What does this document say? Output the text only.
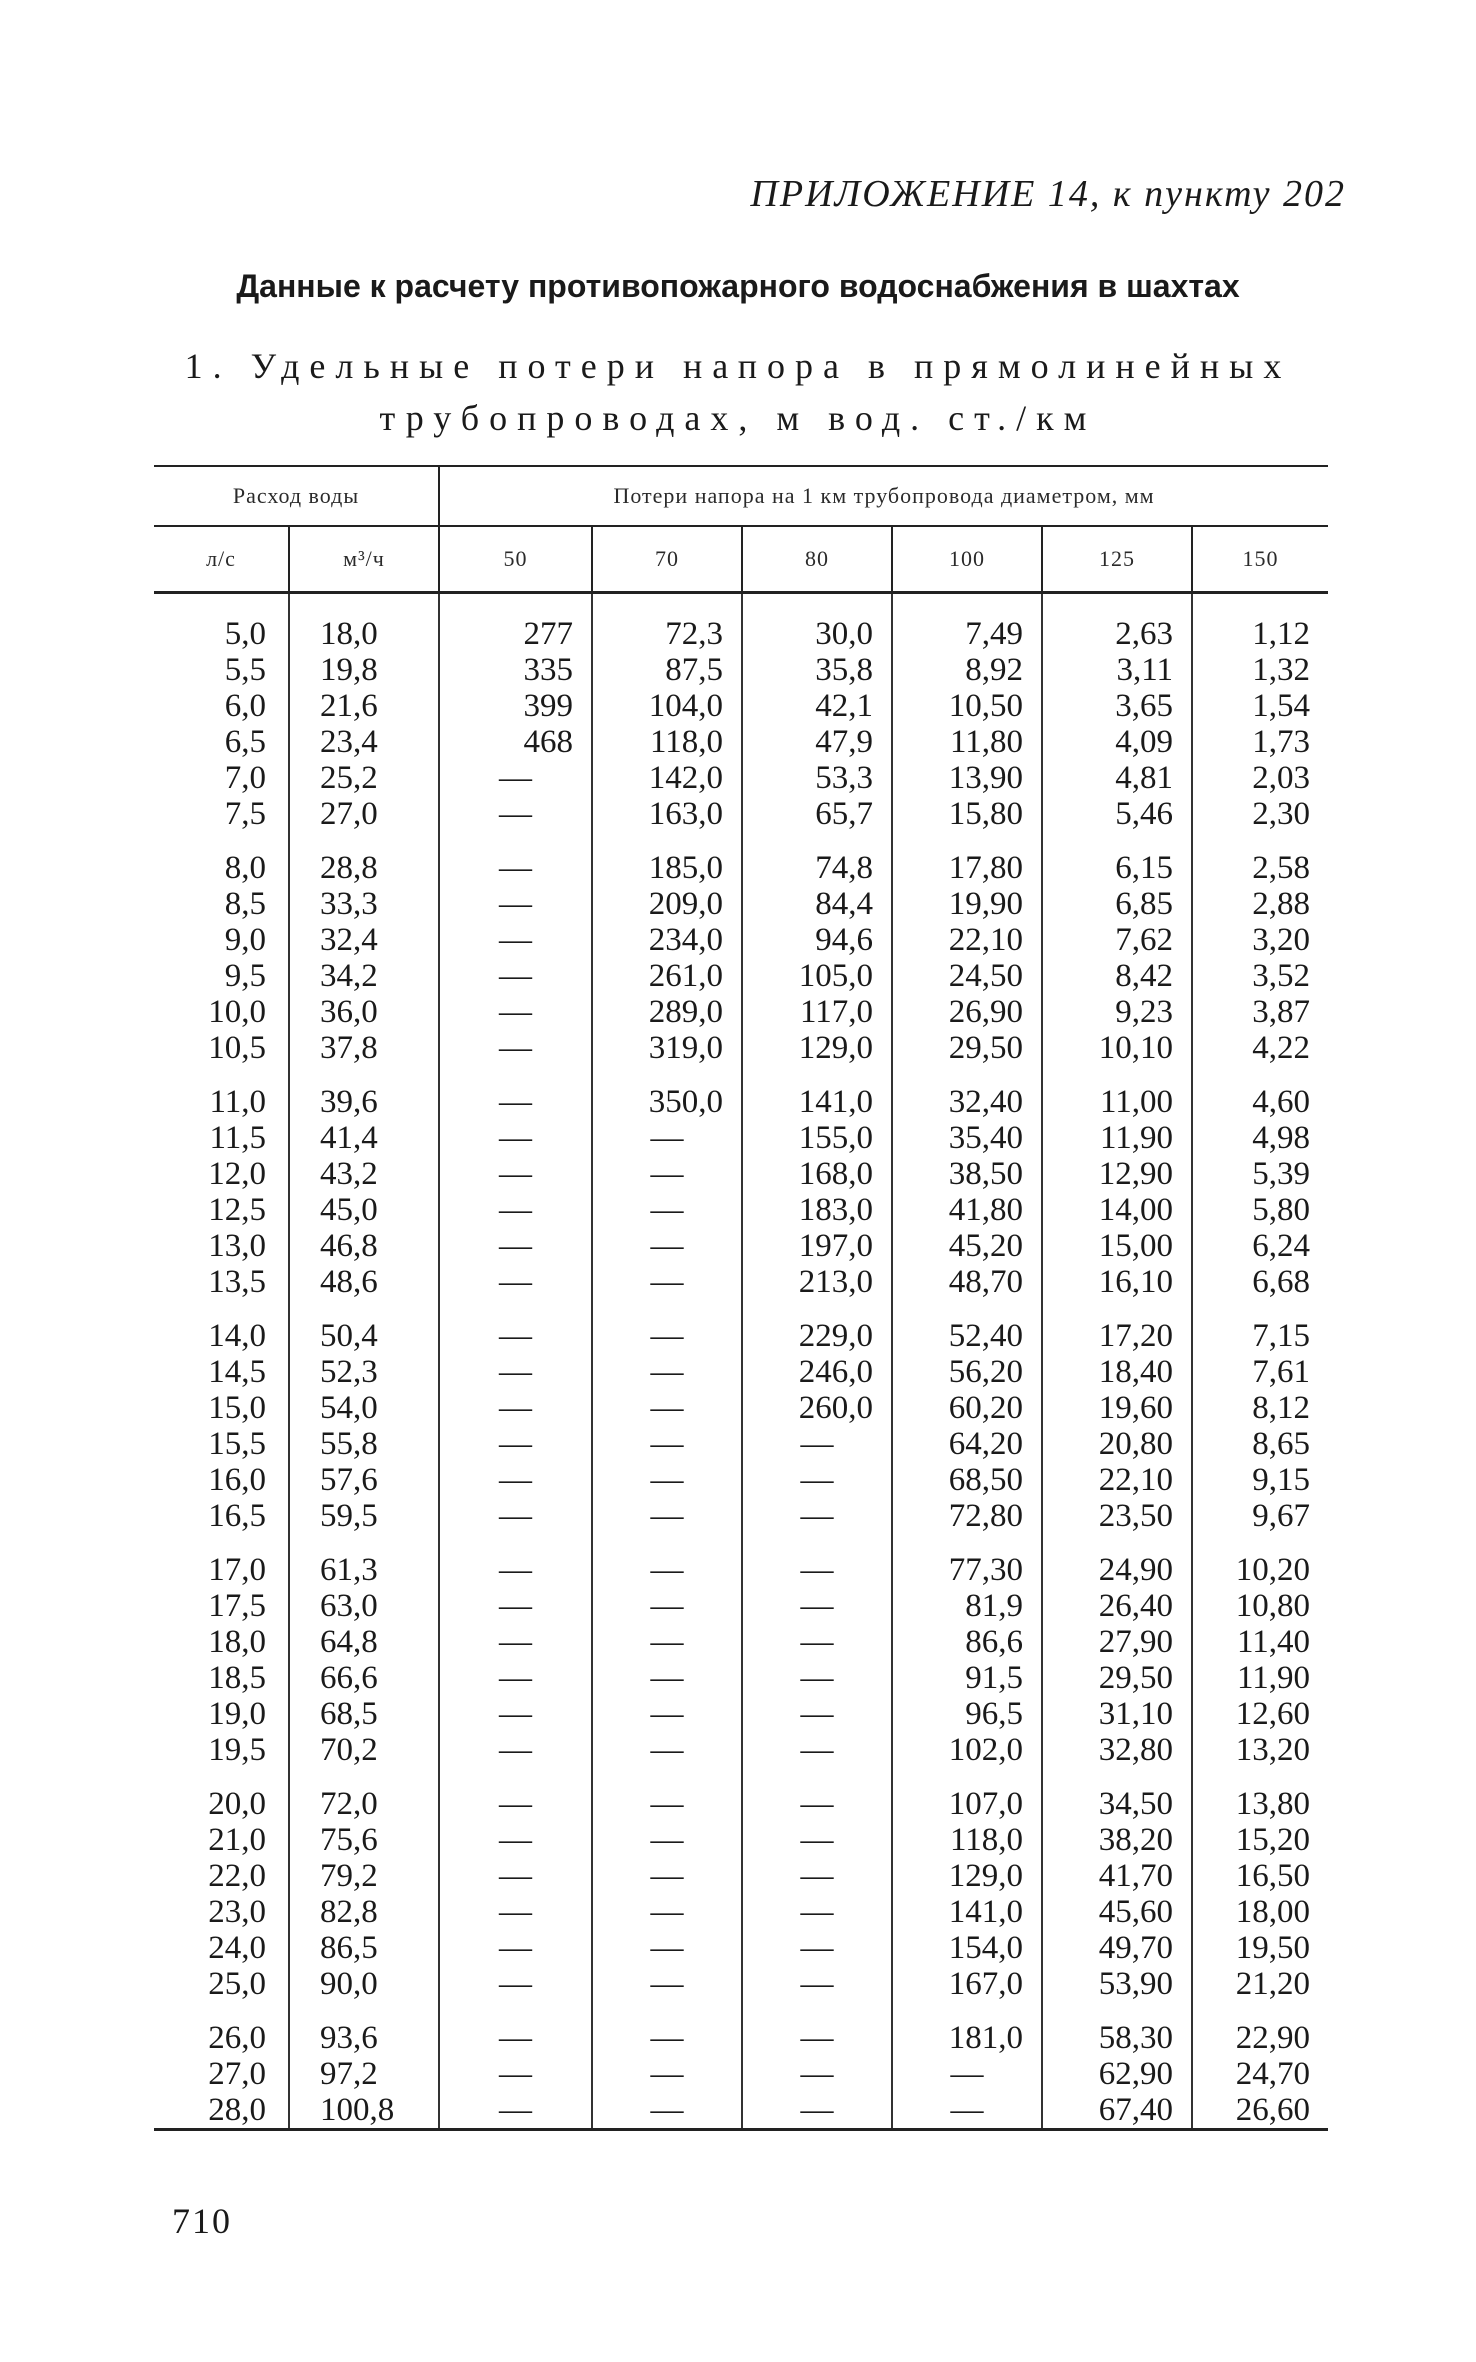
ПРИЛОЖЕНИЕ 14, к пункту 202
Данные к расчету противопожарного водоснабжения в шахтах
1. Удельные потери напора в прямолинейных
трубопроводах, м вод. ст./км
Расход воды		Потери напора на 1 км трубопровода диаметром, мм					
л/с	м³/ч	50	70	80	100	125	150

5,0	18,0	277	72,3	30,0	7,49	2,63	1,12
5,5	19,8	335	87,5	35,8	8,92	3,11	1,32
6,0	21,6	399	104,0	42,1	10,50	3,65	1,54
6,5	23,4	468	118,0	47,9	11,80	4,09	1,73
7,0	25,2	—	142,0	53,3	13,90	4,81	2,03
7,5	27,0	—	163,0	65,7	15,80	5,46	2,30

8,0	28,8	—	185,0	74,8	17,80	6,15	2,58
8,5	33,3	—	209,0	84,4	19,90	6,85	2,88
9,0	32,4	—	234,0	94,6	22,10	7,62	3,20
9,5	34,2	—	261,0	105,0	24,50	8,42	3,52
10,0	36,0	—	289,0	117,0	26,90	9,23	3,87
10,5	37,8	—	319,0	129,0	29,50	10,10	4,22

11,0	39,6	—	350,0	141,0	32,40	11,00	4,60
11,5	41,4	—	—	155,0	35,40	11,90	4,98
12,0	43,2	—	—	168,0	38,50	12,90	5,39
12,5	45,0	—	—	183,0	41,80	14,00	5,80
13,0	46,8	—	—	197,0	45,20	15,00	6,24
13,5	48,6	—	—	213,0	48,70	16,10	6,68

14,0	50,4	—	—	229,0	52,40	17,20	7,15
14,5	52,3	—	—	246,0	56,20	18,40	7,61
15,0	54,0	—	—	260,0	60,20	19,60	8,12
15,5	55,8	—	—	—	64,20	20,80	8,65
16,0	57,6	—	—	—	68,50	22,10	9,15
16,5	59,5	—	—	—	72,80	23,50	9,67

17,0	61,3	—	—	—	77,30	24,90	10,20
17,5	63,0	—	—	—	81,9	26,40	10,80
18,0	64,8	—	—	—	86,6	27,90	11,40
18,5	66,6	—	—	—	91,5	29,50	11,90
19,0	68,5	—	—	—	96,5	31,10	12,60
19,5	70,2	—	—	—	102,0	32,80	13,20

20,0	72,0	—	—	—	107,0	34,50	13,80
21,0	75,6	—	—	—	118,0	38,20	15,20
22,0	79,2	—	—	—	129,0	41,70	16,50
23,0	82,8	—	—	—	141,0	45,60	18,00
24,0	86,5	—	—	—	154,0	49,70	19,50
25,0	90,0	—	—	—	167,0	53,90	21,20

26,0	93,6	—	—	—	181,0	58,30	22,90
27,0	97,2	—	—	—	—	62,90	24,70
28,0	100,8	—	—	—	—	67,40	26,60
710
